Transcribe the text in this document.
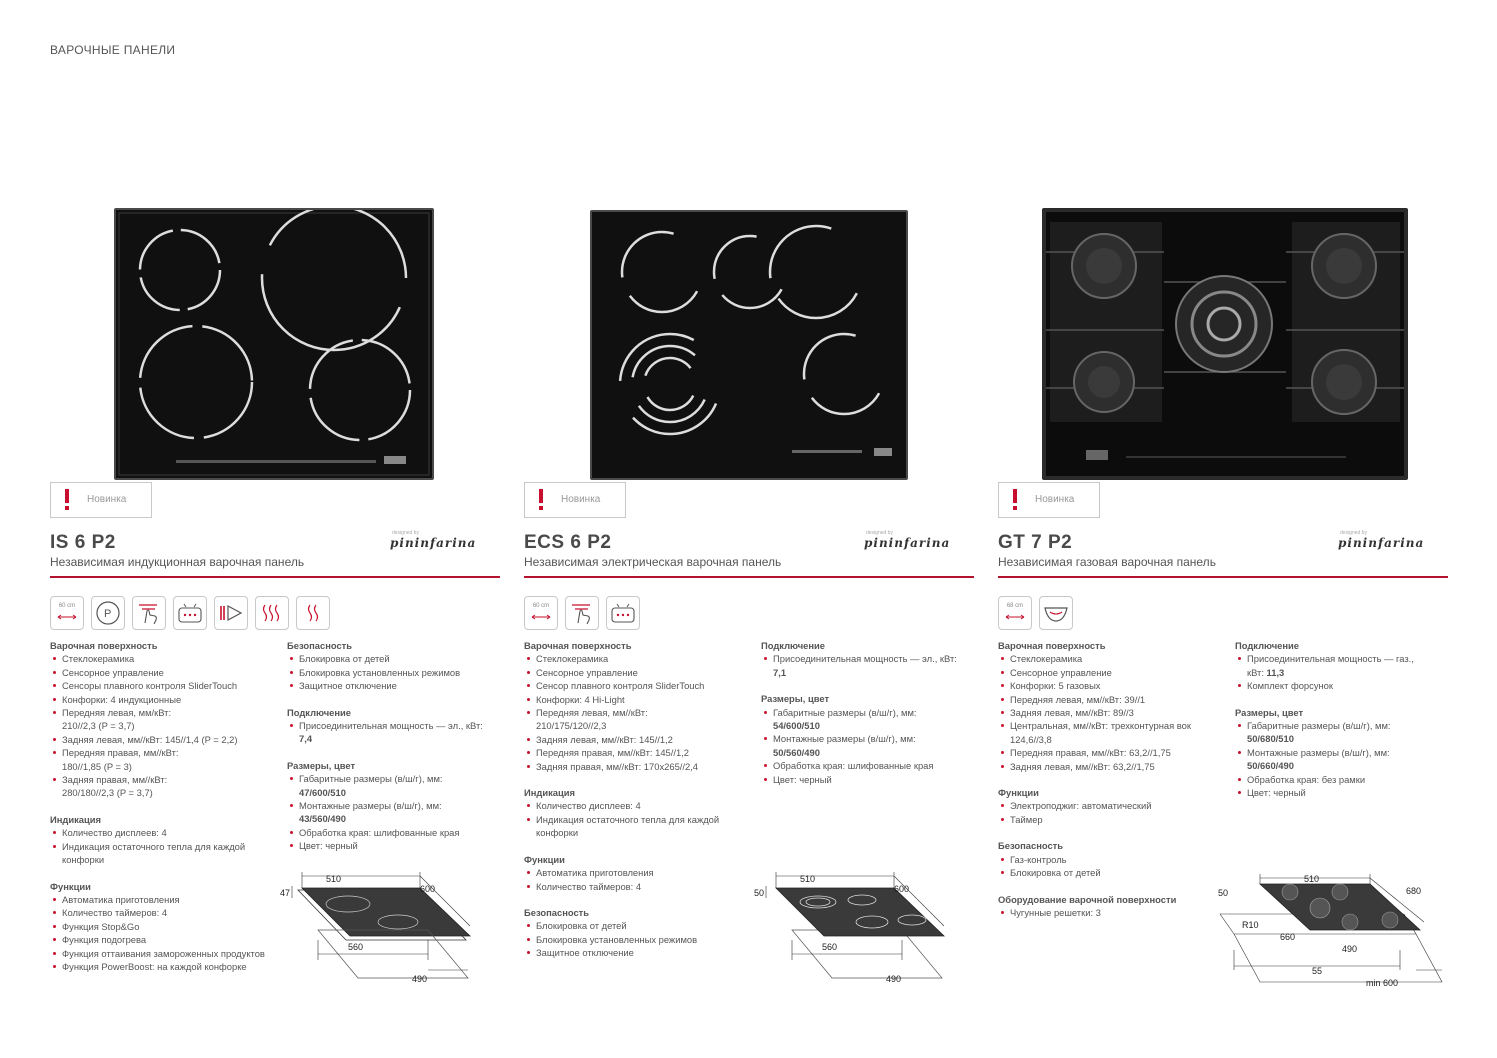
ВАРОЧНЫЕ ПАНЕЛИ
Новинка
IS 6 P2	designed by
pininfarina
Независимая индукционная варочная панель
60 cm
P
Варочная поверхность
Стеклокерамика
Сенсорное управление
Сенсоры плавного контроля SliderTouch
Конфорки: 4 индукционные
Передняя левая, мм/кВт:
210//2,3 (P = 3,7)
Задняя левая, мм//кВт: 145//1,4 (P = 2,2)
Передняя правая, мм//кВт:
180//1,85 (P = 3)
Задняя правая, мм//кВт:
280/180//2,3 (P = 3,7)
Индикация
Количество дисплеев: 4
Индикация остаточного тепла для каждой конфорки
Функции
Автоматика приготовления
Количество таймеров: 4
Функция Stop&Go
Функция подогрева
Функция оттаивания замороженных продуктов
Функция PowerBoost: на каждой конфорке
Безопасность
Блокировка от детей
Блокировка установленных режимов
Защитное отключение
Подключение
Присоединительная мощность — эл., кВт:
7,4
Размеры, цвет
Габаритные размеры (в/ш/г), мм:
47/600/510
Монтажные размеры (в/ш/г), мм:
43/560/490
Обработка края: шлифованные края
Цвет: черный
47
510
600
560
490
Новинка
ECS 6 P2	designed by
pininfarina
Независимая электрическая варочная панель
60 cm
Варочная поверхность
Стеклокерамика
Сенсорное управление
Сенсор плавного контроля SliderTouch
Конфорки: 4 Hi-Light
Передняя левая, мм//кВт:
210/175/120//2,3
Задняя левая, мм//кВт: 145//1,2
Передняя правая, мм//кВт: 145//1,2
Задняя правая, мм//кВт: 170x265//2,4
Индикация
Количество дисплеев: 4
Индикация остаточного тепла для каждой конфорки
Функции
Автоматика приготовления
Количество таймеров: 4
Безопасность
Блокировка от детей
Блокировка установленных режимов
Защитное отключение
Подключение
Присоединительная мощность — эл., кВт:
7,1
Размеры, цвет
Габаритные размеры (в/ш/г), мм:
54/600/510
Монтажные размеры (в/ш/г), мм:
50/560/490
Обработка края: шлифованные края
Цвет: черный
50
510
600
560
490
Новинка
GT 7 P2	designed by
pininfarina
Независимая газовая варочная панель
68 cm
Варочная поверхность
Стеклокерамика
Сенсорное управление
Конфорки: 5 газовых
Передняя левая, мм//кВт: 39//1
Задняя левая, мм//кВт: 89//3
Центральная, мм//кВт: трехконтурная вок
124,6//3,8
Передняя правая, мм//кВт: 63,2//1,75
Задняя левая, мм//кВт: 63,2//1,75
Функции
Электроподжиг: автоматический
Таймер
Безопасность
Газ-контроль
Блокировка от детей
Оборудование варочной поверхности
Чугунные решетки: 3
Подключение
Присоединительная мощность — газ.,
кВт: 11,3
Комплект форсунок
Размеры, цвет
Габаритные размеры (в/ш/г), мм:
50/680/510
Монтажные размеры (в/ш/г), мм:
50/660/490
Обработка края: без рамки
Цвет: черный
50
510
680
R10
660
490
55
min 600
